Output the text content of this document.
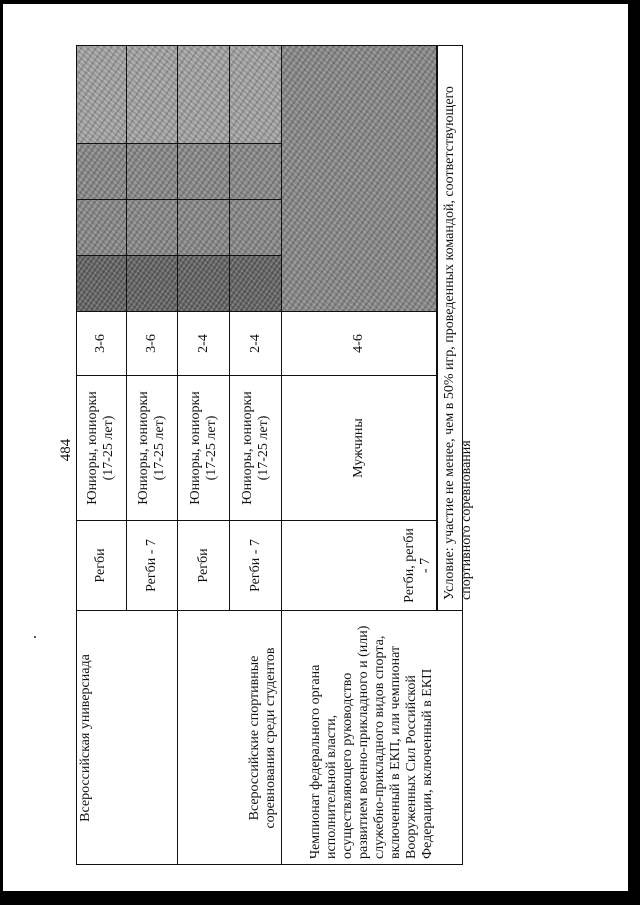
484
Всероссийская универсиада
Регби
Юниоры, юниорки (17-25 лет)
3-6
Регби - 7
Юниоры, юниорки (17-25 лет)
3-6
Всероссийские спортивные соревнования среди студентов
Регби
Юниоры, юниорки (17-25 лет)
2-4
Регби - 7
Юниоры, юниорки (17-25 лет)
2-4
Чемпионат федерального органа исполнительной власти, осуществляющего руководство развитием военно-прикладного и (или) служебно-прикладного видов спорта, включенный в ЕКП, или чемпионат Вооруженных Сил Российской Федерации, включенный в ЕКП
Регби, регби - 7
Мужчины
4-6	Условие: участие не менее, чем в 50% игр, проведенных командой, соответствующего спортивного соревнования
